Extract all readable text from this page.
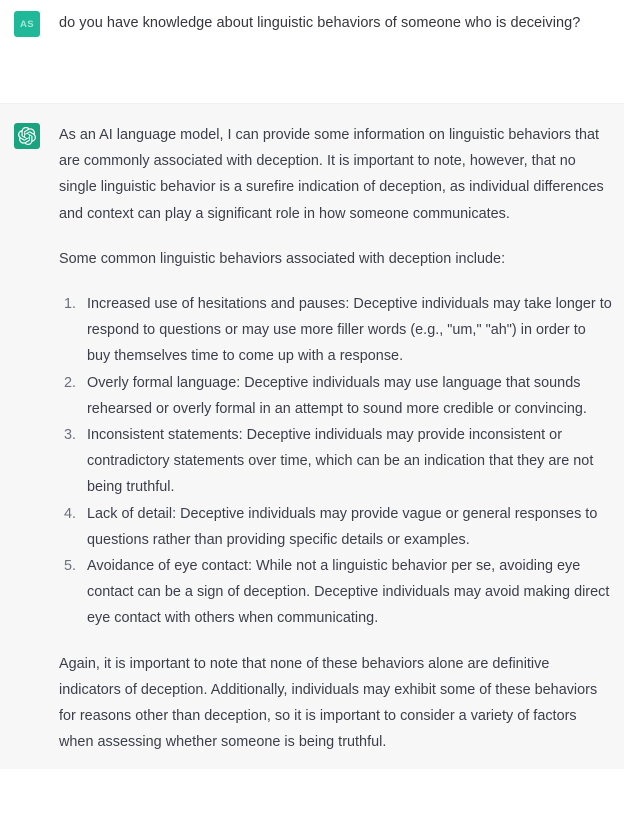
AS do you have knowledge about linguistic behaviors of someone who is deceiving?

As an AI language model, I can provide some information on linguistic behaviors that are commonly associated with deception. It is important to note, however, that no single linguistic behavior is a surefire indication of deception, as individual differences and context can play a significant role in how someone communicates.

Some common linguistic behaviors associated with deception include:

Increased use of hesitations and pauses: Deceptive individuals may take longer to respond to questions or may use more filler words (e.g., "um," "ah") in order to buy themselves time to come up with a response.
Overly formal language: Deceptive individuals may use language that sounds rehearsed or overly formal in an attempt to sound more credible or convincing.
Inconsistent statements: Deceptive individuals may provide inconsistent or contradictory statements over time, which can be an indication that they are not being truthful.
Lack of detail: Deceptive individuals may provide vague or general responses to questions rather than providing specific details or examples.
Avoidance of eye contact: While not a linguistic behavior per se, avoiding eye contact can be a sign of deception. Deceptive individuals may avoid making direct eye contact with others when communicating.

Again, it is important to note that none of these behaviors alone are definitive indicators of deception. Additionally, individuals may exhibit some of these behaviors for reasons other than deception, so it is important to consider a variety of factors when assessing whether someone is being truthful.
